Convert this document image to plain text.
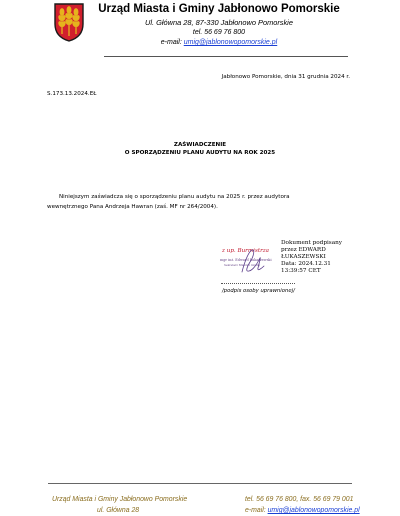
Urząd Miasta i Gminy Jabłonowo Pomorskie
Ul. Główna 28, 87-330 Jabłonowo Pomorskie
tel. 56 69 76 800
e-mail: umig@jablonowopomorskie.pl
Jabłonowo Pomorskie, dnia 31 grudnia 2024 r.
S.173.13.2024.EŁ
ZAŚWIADCZENIE
O SPORZĄDZENIU PLANU AUDYTU NA ROK 2025
Niniejszym zaświadcza się o sporządzeniu planu audytu na 2025 r. przez audytora
wewnętrznego Pana Andrzeja Hawran (zaś. MF nr 264/2004).
z up. Burmistrza
mgr inż. Edward Łukaszewski
Sekretarz Miasta i Gminy
Dokument podpisany
przez EDWARD
ŁUKASZEWSKI
Data: 2024.12.31
13:39:57 CET
/podpis osoby uprawnionej/
Urząd Miasta i Gminy Jabłonowo Pomorskie
ul. Główna 28
tel. 56 69 76 800, fax. 56 69 79 001
e-mail: umig@jablonowopomorskie.pl
